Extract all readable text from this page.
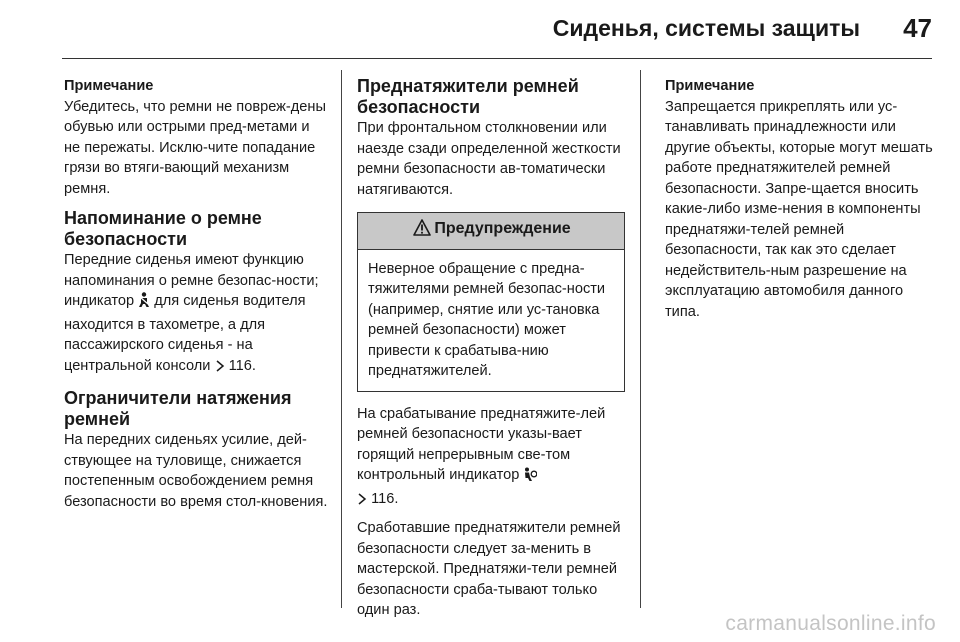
Сиденья, системы защиты 47
Примечание
Убедитесь, что ремни не повреж-дены обувью или острыми пред-метами и не пережаты. Исклю-чите попадание грязи во втяги-вающий механизм ремня.
Напоминание о ремне безопасности
Передние сиденья имеют функцию напоминания о ремне безопас-ности; индикатор для сиденья водителя находится в тахометре, а для пассажирского сиденья - на центральной консоли 116.
Ограничители натяжения ремней
На передних сиденьях усилие, дей-ствующее на туловище, снижается постепенным освобождением ремня безопасности во время стол-кновения.
Преднатяжители ремней безопасности
При фронтальном столкновении или наезде сзади определенной жесткости ремни безопасности ав-томатически натягиваются.
Предупреждение
Неверное обращение с предна-тяжителями ремней безопас-ности (например, снятие или ус-тановка ремней безопасности) может привести к срабатыва-нию преднатяжителей.
На срабатывание преднатяжите-лей ремней безопасности указы-вает горящий непрерывным све-том контрольный индикатор
116.
Сработавшие преднатяжители ремней безопасности следует за-менить в мастерской. Преднатяжи-тели ремней безопасности сраба-тывают только один раз.
Примечание
Запрещается прикреплять или ус-танавливать принадлежности или другие объекты, которые могут мешать работе преднатяжителей ремней безопасности. Запре-щается вносить какие-либо изме-нения в компоненты преднатяжи-телей ремней безопасности, так как это сделает недействитель-ным разрешение на эксплуатацию автомобиля данного типа.
carmanualsonline.info
